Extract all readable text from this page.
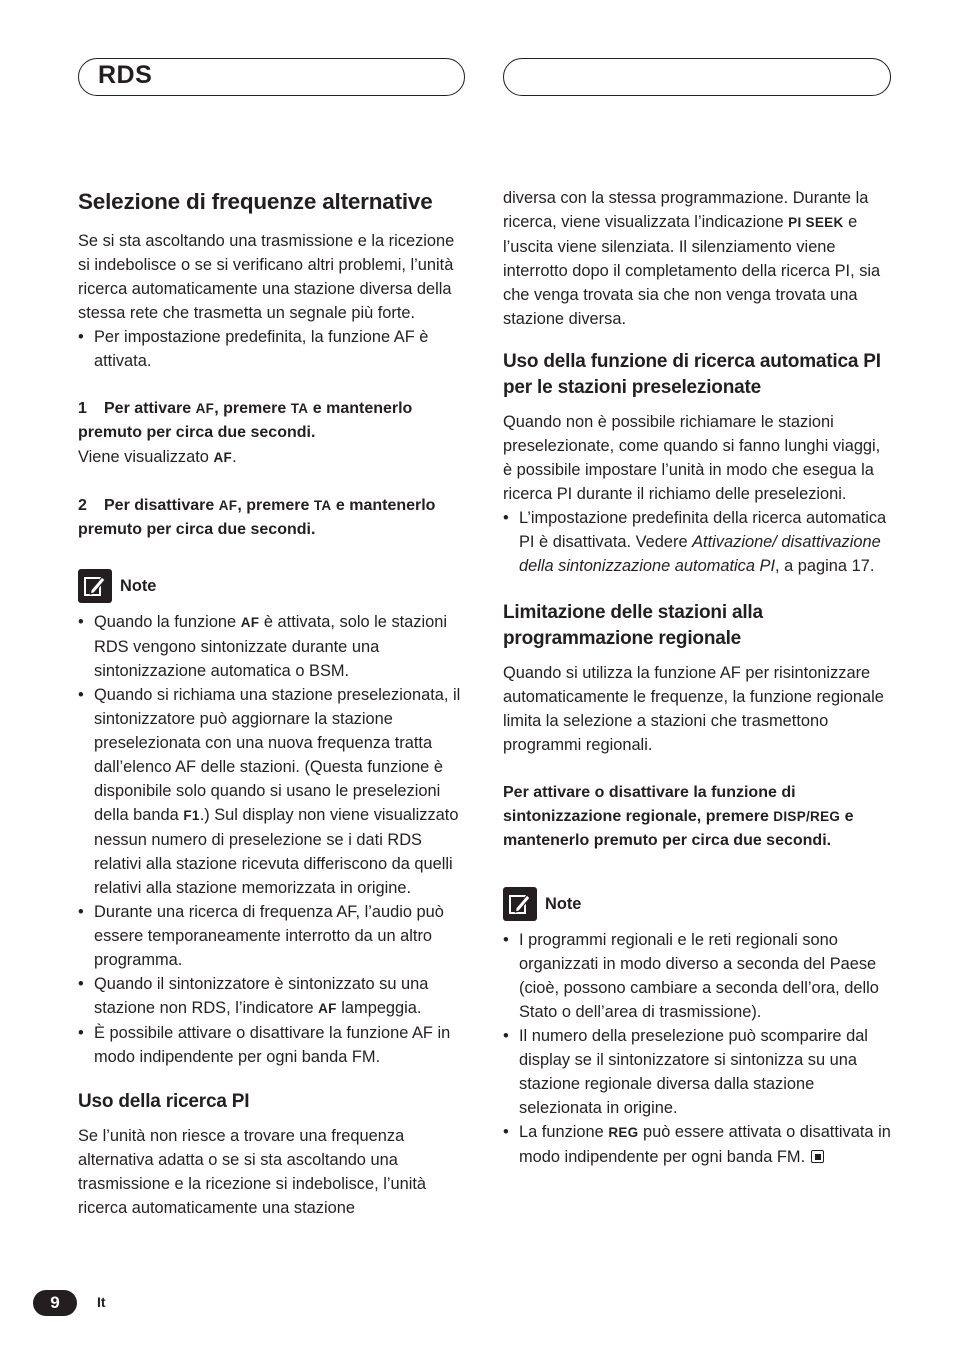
RDS
Selezione di frequenze alternative

Se si sta ascoltando una trasmissione e la ricezione si indebolisce o se si verificano altri problemi, l’unità ricerca automaticamente una stazione diversa della stessa rete che trasmetta un segnale più forte.

• Per impostazione predefinita, la funzione AF è attivata.

1 Per attivare AF, premere TA e mantenerlo premuto per circa due secondi.

Viene visualizzato AF.

2 Per disattivare AF, premere TA e mantenerlo premuto per circa due secondi.

Note
• Quando la funzione AF è attivata, solo le stazioni RDS vengono sintonizzate durante una sintonizzazione automatica o BSM.
• Quando si richiama una stazione preselezionata, il sintonizzatore può aggiornare la stazione preselezionata con una nuova frequenza tratta dall’elenco AF delle stazioni. (Questa funzione è disponibile solo quando si usano le preselezioni della banda F1.) Sul display non viene visualizzato nessun numero di preselezione se i dati RDS relativi alla stazione ricevuta differiscono da quelli relativi alla stazione memorizzata in origine.
• Durante una ricerca di frequenza AF, l’audio può essere temporaneamente interrotto da un altro programma.
• Quando il sintonizzatore è sintonizzato su una stazione non RDS, l’indicatore AF lampeggia.
• È possibile attivare o disattivare la funzione AF in modo indipendente per ogni banda FM.
Uso della ricerca PI

Se l’unità non riesce a trovare una frequenza alternativa adatta o se si sta ascoltando una trasmissione e la ricezione si indebolisce, l’unità ricerca automaticamente una stazione

diversa con la stessa programmazione. Durante la ricerca, viene visualizzata l’indicazione PI SEEK e l’uscita viene silenziata. Il silenziamento viene interrotto dopo il completamento della ricerca PI, sia che venga trovata sia che non venga trovata una stazione diversa.

Uso della funzione di ricerca automatica PI per le stazioni preselezionate

Quando non è possibile richiamare le stazioni preselezionate, come quando si fanno lunghi viaggi, è possibile impostare l’unità in modo che esegua la ricerca PI durante il richiamo delle preselezioni.

• L’impostazione predefinita della ricerca automatica PI è disattivata. Vedere Attivazione/ disattivazione della sintonizzazione automatica PI, a pagina 17.
Limitazione delle stazioni alla programmazione regionale

Quando si utilizza la funzione AF per risintonizzare automaticamente le frequenze, la funzione regionale limita la selezione a stazioni che trasmettono programmi regionali.

Per attivare o disattivare la funzione di sintonizzazione regionale, premere DISP/REG e mantenerlo premuto per circa due secondi.

Note
• I programmi regionali e le reti regionali sono organizzati in modo diverso a seconda del Paese (cioè, possono cambiare a seconda dell’ora, dello Stato o dell’area di trasmissione).
• Il numero della preselezione può scomparire dal display se il sintonizzatore si sintonizza su una stazione regionale diversa dalla stazione selezionata in origine.
• La funzione REG può essere attivata o disattivata in modo indipendente per ogni banda FM.
9	It
